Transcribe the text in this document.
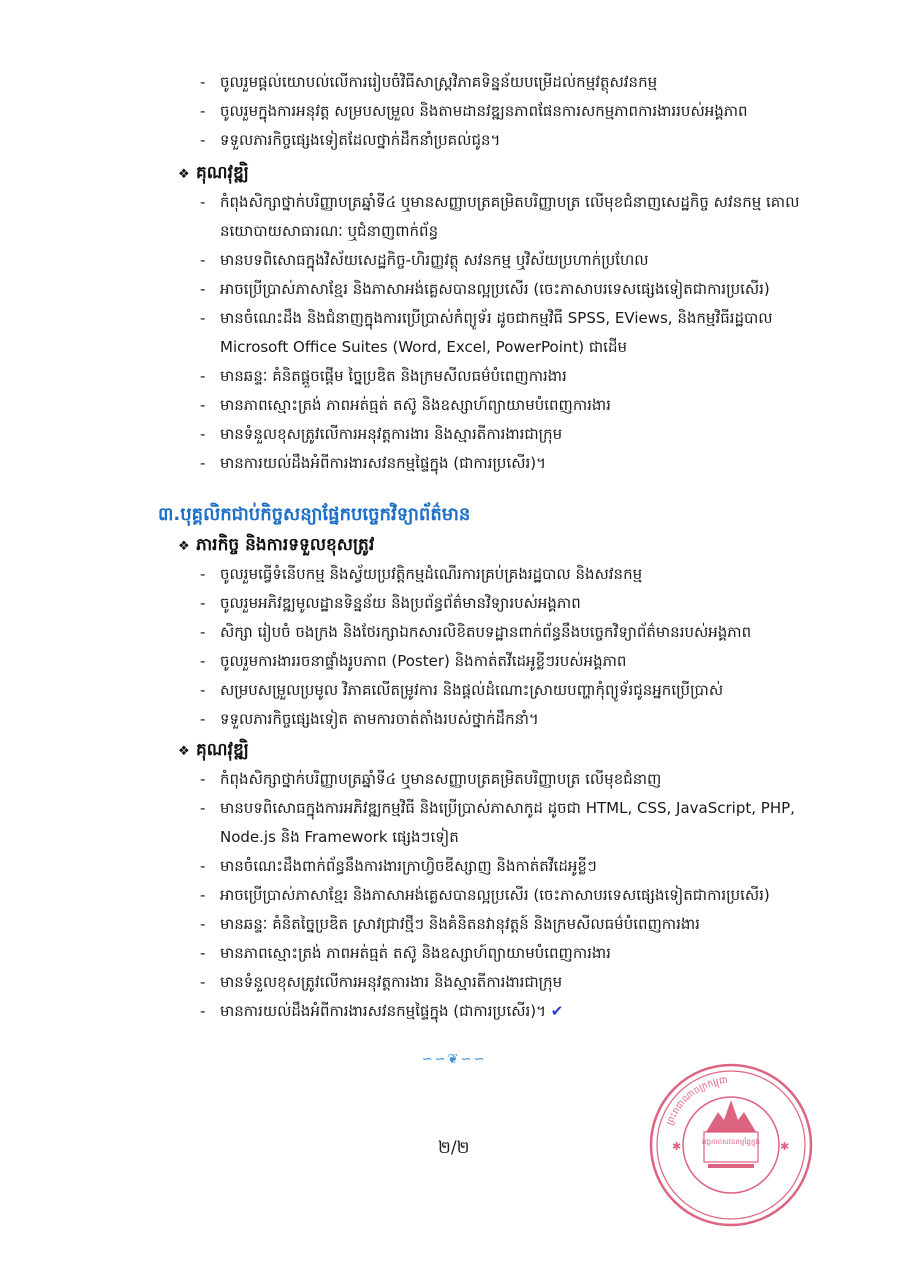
- ចូលរួមផ្ដល់យោបល់លើការរៀបចំវិធីសាស្ត្រវិភាគទិន្នន័យបម្រើដល់កម្មវត្ថុសវនកម្ម
- ចូលរួមក្នុងការអនុវត្ត សម្របសម្រួល និងតាមដានវឌ្ឍនភាពផែនការសកម្មភាពការងាររបស់អង្គភាព
- ទទួលភារកិច្ចផ្សេងទៀតដែលថ្នាក់ដឹកនាំប្រគល់ជូន។
❖ គុណវុឌ្ឍិ
- កំពុងសិក្សាថ្នាក់បរិញ្ញាបត្រឆ្នាំទី៤ ឬមានសញ្ញាបត្រគម្រិតបរិញ្ញាបត្រ លើមុខជំនាញសេដ្ឋកិច្ច សវនកម្ម គោលនយោបាយសាធារណៈ ឬជំនាញពាក់ព័ន្ធ
- មានបទពិសោធក្នុងវិស័យសេដ្ឋកិច្ច-ហិរញ្ញវត្ថុ សវនកម្ម ឬវិស័យប្រហាក់ប្រហែល
- អាចប្រើប្រាស់ភាសាខ្មែរ និងភាសាអង់គ្លេសបានល្អប្រសើរ (ចេះភាសាបរទេសផ្សេងទៀតជាការប្រសើរ)
- មានចំណេះដឹង និងជំនាញក្នុងការប្រើប្រាស់កំព្យូទ័រ ដូចជាកម្មវិធី SPSS, EViews, និងកម្មវិធីរដ្ឋបាល Microsoft Office Suites (Word, Excel, PowerPoint) ជាដើម
- មានឆន្ទៈ គំនិតផ្តួចផ្តើម ច្នៃប្រឌិត និងក្រមសីលធម៌បំពេញការងារ
- មានភាពស្មោះត្រង់ ភាពអត់ធ្មត់ តស៊ូ និងឧស្សាហ៍ព្យាយាមបំពេញការងារ
- មានទំនួលខុសត្រូវលើការអនុវត្តការងារ និងស្មារតីការងារជាក្រុម
- មានការយល់ដឹងអំពីការងារសវនកម្មផ្ទៃក្នុង (ជាការប្រសើរ)។
៣.បុគ្គលិកជាប់កិច្ចសន្យាផ្នែកបច្ចេកវិទ្យាព័ត៌មាន
❖ ភារកិច្ច និងការទទួលខុសត្រូវ
- ចូលរួមធ្វើទំនើបកម្ម និងស្វ័យប្រវត្តិកម្មដំណើរការគ្រប់គ្រងរដ្ឋបាល និងសវនកម្ម
- ចូលរួមអភិវឌ្ឍមូលដ្ឋានទិន្នន័យ និងប្រព័ន្ធព័ត៌មានវិទ្យារបស់អង្គភាព
- សិក្សា រៀបចំ ចងក្រង និងថែរក្សាឯកសារលិខិតបទដ្ឋានពាក់ព័ន្ធនឹងបច្ចេកវិទ្យាព័ត៌មានរបស់អង្គភាព
- ចូលរួមការងាររចនាផ្ទាំងរូបភាព (Poster) និងកាត់តវីដេអូខ្លីៗរបស់អង្គភាព
- សម្របសម្រួលប្រមូល វិភាគលើតម្រូវការ និងផ្តល់ដំណោះស្រាយបញ្ហាកុំព្យូទ័រជូនអ្នកប្រើប្រាស់
- ទទួលភារកិច្ចផ្សេងទៀត តាមការចាត់តាំងរបស់ថ្នាក់ដឹកនាំ។
❖ គុណវុឌ្ឍិ
- កំពុងសិក្សាថ្នាក់បរិញ្ញាបត្រឆ្នាំទី៤ ឬមានសញ្ញាបត្រគម្រិតបរិញ្ញាបត្រ លើមុខជំនាញ
- មានបទពិសោធក្នុងការអភិវឌ្ឍកម្មវិធី និងប្រើប្រាស់ភាសាកូដ ដូចជា HTML, CSS, JavaScript, PHP, Node.js និង Framework ផ្សេងៗទៀត
- មានចំណេះដឹងពាក់ព័ន្ធនឹងការងារក្រាហ្វិចឌីស្សាញ និងកាត់តវីដេអូខ្លីៗ
- អាចប្រើប្រាស់ភាសាខ្មែរ និងភាសាអង់គ្លេសបានល្អប្រសើរ (ចេះភាសាបរទេសផ្សេងទៀតជាការប្រសើរ)
- មានឆន្ទៈ គំនិតច្នៃប្រឌិត ស្រាវជ្រាវថ្មីៗ និងគំនិតនវានុវត្តន៍ និងក្រមសីលធម៌បំពេញការងារ
- មានភាពស្មោះត្រង់ ភាពអត់ធ្មត់ តស៊ូ និងឧស្សាហ៍ព្យាយាមបំពេញការងារ
- មានទំនួលខុសត្រូវលើការអនុវត្តការងារ និងស្មារតីការងារជាក្រុម
- មានការយល់ដឹងអំពីការងារសវនកម្មផ្ទៃក្នុង (ជាការប្រសើរ)។ ✔
∽∽❦∽∽
២/២	✱	✱
ព្រះរាជាណាចក្រកម្ពុជា
អង្គភាពសវនកម្មផ្ទៃក្នុង
